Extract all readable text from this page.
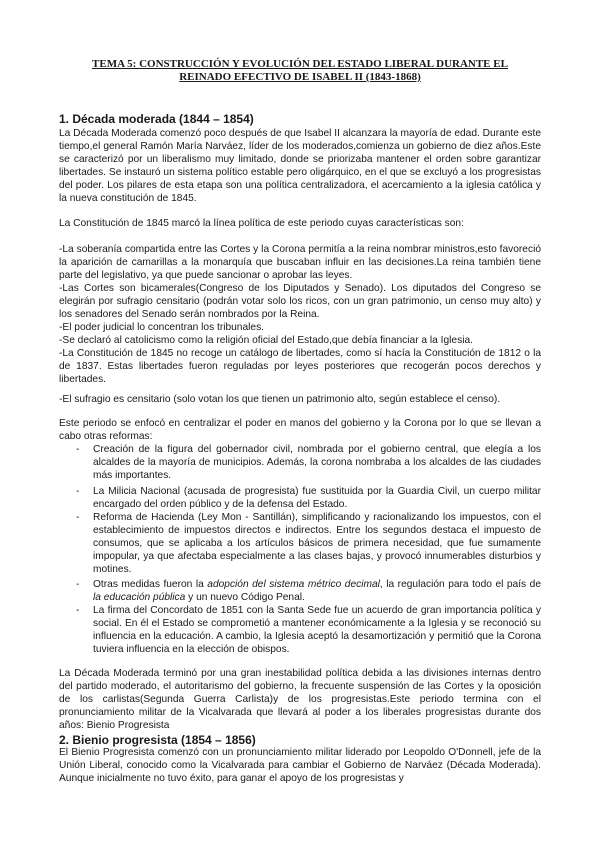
TEMA 5: CONSTRUCCIÓN Y EVOLUCIÓN DEL ESTADO LIBERAL DURANTE EL
REINADO EFECTIVO DE ISABEL II (1843-1868)
1. Década moderada (1844 – 1854)

La Década Moderada comenzó poco después de que Isabel II alcanzara la mayoría de edad. Durante este tiempo,el general Ramón María Narváez, líder de los moderados,comienza un gobierno de diez años.Este se caracterizó por un liberalismo muy limitado, donde se priorizaba mantener el orden sobre garantizar libertades. Se instauró un sistema político estable pero oligárquico, en el que se excluyó a los progresistas del poder. Los pilares de esta etapa son una política centralizadora, el acercamiento a la iglesia católica y la nueva constitución de 1845.

La Constitución de 1845 marcó la línea política de este periodo cuyas características son:

-La soberanía compartida entre las Cortes y la Corona permitía a la reina nombrar ministros,esto favoreció la aparición de camarillas a la monarquía que buscaban influir en las decisiones.La reina también tiene parte del legislativo, ya que puede sancionar o aprobar las leyes.

-Las Cortes son bicamerales(Congreso de los Diputados y Senado). Los diputados del Congreso se elegirán por sufragio censitario (podrán votar solo los ricos, con un gran patrimonio, un censo muy alto) y los senadores del Senado serán nombrados por la Reina.

-El poder judicial lo concentran los tribunales.

-Se declaró al catolicismo como la religión oficial del Estado,que debía financiar a la Iglesia.

-La Constitución de 1845 no recoge un catálogo de libertades, como sí hacía la Constitución de 1812 o la de 1837. Estas libertades fueron reguladas por leyes posteriores que recogerán pocos derechos y libertades.

-El sufragio es censitario (solo votan los que tienen un patrimonio alto, según establece el censo).

Este periodo se enfocó en centralizar el poder en manos del gobierno y la Corona por lo que se llevan a cabo otras reformas:

- Creación de la figura del gobernador civil, nombrada por el gobierno central, que elegía a los alcaldes de la mayoría de municipios. Además, la corona nombraba a los alcaldes de las ciudades más importantes.
- La Milicia Nacional (acusada de progresista) fue sustituida por la Guardia Civil, un cuerpo militar encargado del orden público y de la defensa del Estado.
- Reforma de Hacienda (Ley Mon - Santillán), simplificando y racionalizando los impuestos, con el establecimiento de impuestos directos e indirectos. Entre los segundos destaca el impuesto de consumos, que se aplicaba a los artículos básicos de primera necesidad, que fue sumamente impopular, ya que afectaba especialmente a las clases bajas, y provocó innumerables disturbios y motines.
- Otras medidas fueron la adopción del sistema métrico decimal, la regulación para todo el país de la educación pública y un nuevo Código Penal.
- La firma del Concordato de 1851 con la Santa Sede fue un acuerdo de gran importancia política y social. En él el Estado se comprometió a mantener económicamente a la Iglesia y se reconoció su influencia en la educación. A cambio, la Iglesia aceptó la desamortización y permitió que la Corona tuviera influencia en la elección de obispos.

La Década Moderada terminó por una gran inestabilidad política debida a las divisiones internas dentro del partido moderado, el autoritarismo del gobierno, la frecuente suspensión de las Cortes y la oposición de los carlistas(Segunda Guerra Carlista)y de los progresistas.Este periodo termina con el pronunciamiento militar de la Vicalvarada que llevará al poder a los liberales progresistas durante dos años: Bienio Progresista

2. Bienio progresista (1854 – 1856)

El Bienio Progresista comenzó con un pronunciamiento militar liderado por Leopoldo O'Donnell, jefe de la Unión Liberal, conocido como la Vicalvarada para cambiar el Gobierno de Narváez (Década Moderada). Aunque inicialmente no tuvo éxito, para ganar el apoyo de los progresistas y
